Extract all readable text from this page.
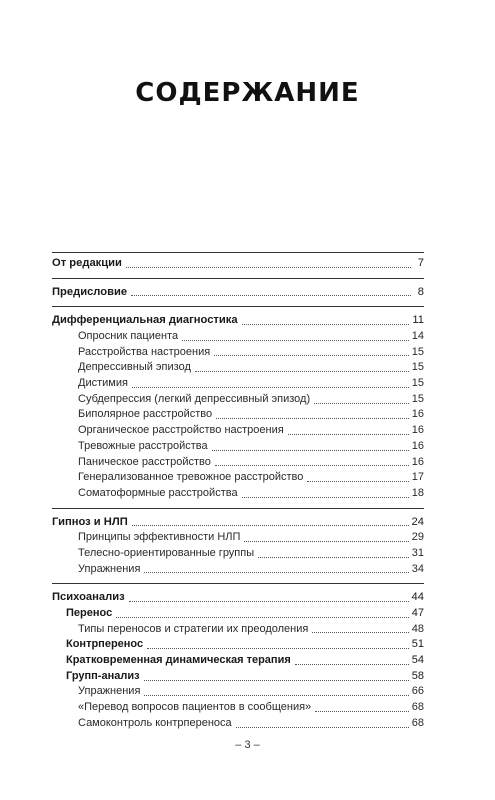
СОДЕРЖАНИЕ
От редакции	7
Предисловие	8
Дифференциальная диагностика	11
Опросник пациента	14
Расстройства настроения	15
Депрессивный эпизод	15
Дистимия	15
Субдепрессия (легкий депрессивный эпизод)	15
Биполярное расстройство	16
Органическое расстройство настроения	16
Тревожные расстройства	16
Паническое расстройство	16
Генерализованное тревожное расстройство	17
Соматоформные расстройства	18
Гипноз и НЛП	24
Принципы эффективности НЛП	29
Телесно-ориентированные группы	31
Упражнения	34
Психоанализ	44
Перенос	47
Типы переносов и стратегии их преодоления	48
Контрперенос	51
Кратковременная динамическая терапия	54
Групп-анализ	58
Упражнения	66
«Перевод вопросов пациентов в сообщения»	68
Самоконтроль контрпереноса	68
– 3 –
